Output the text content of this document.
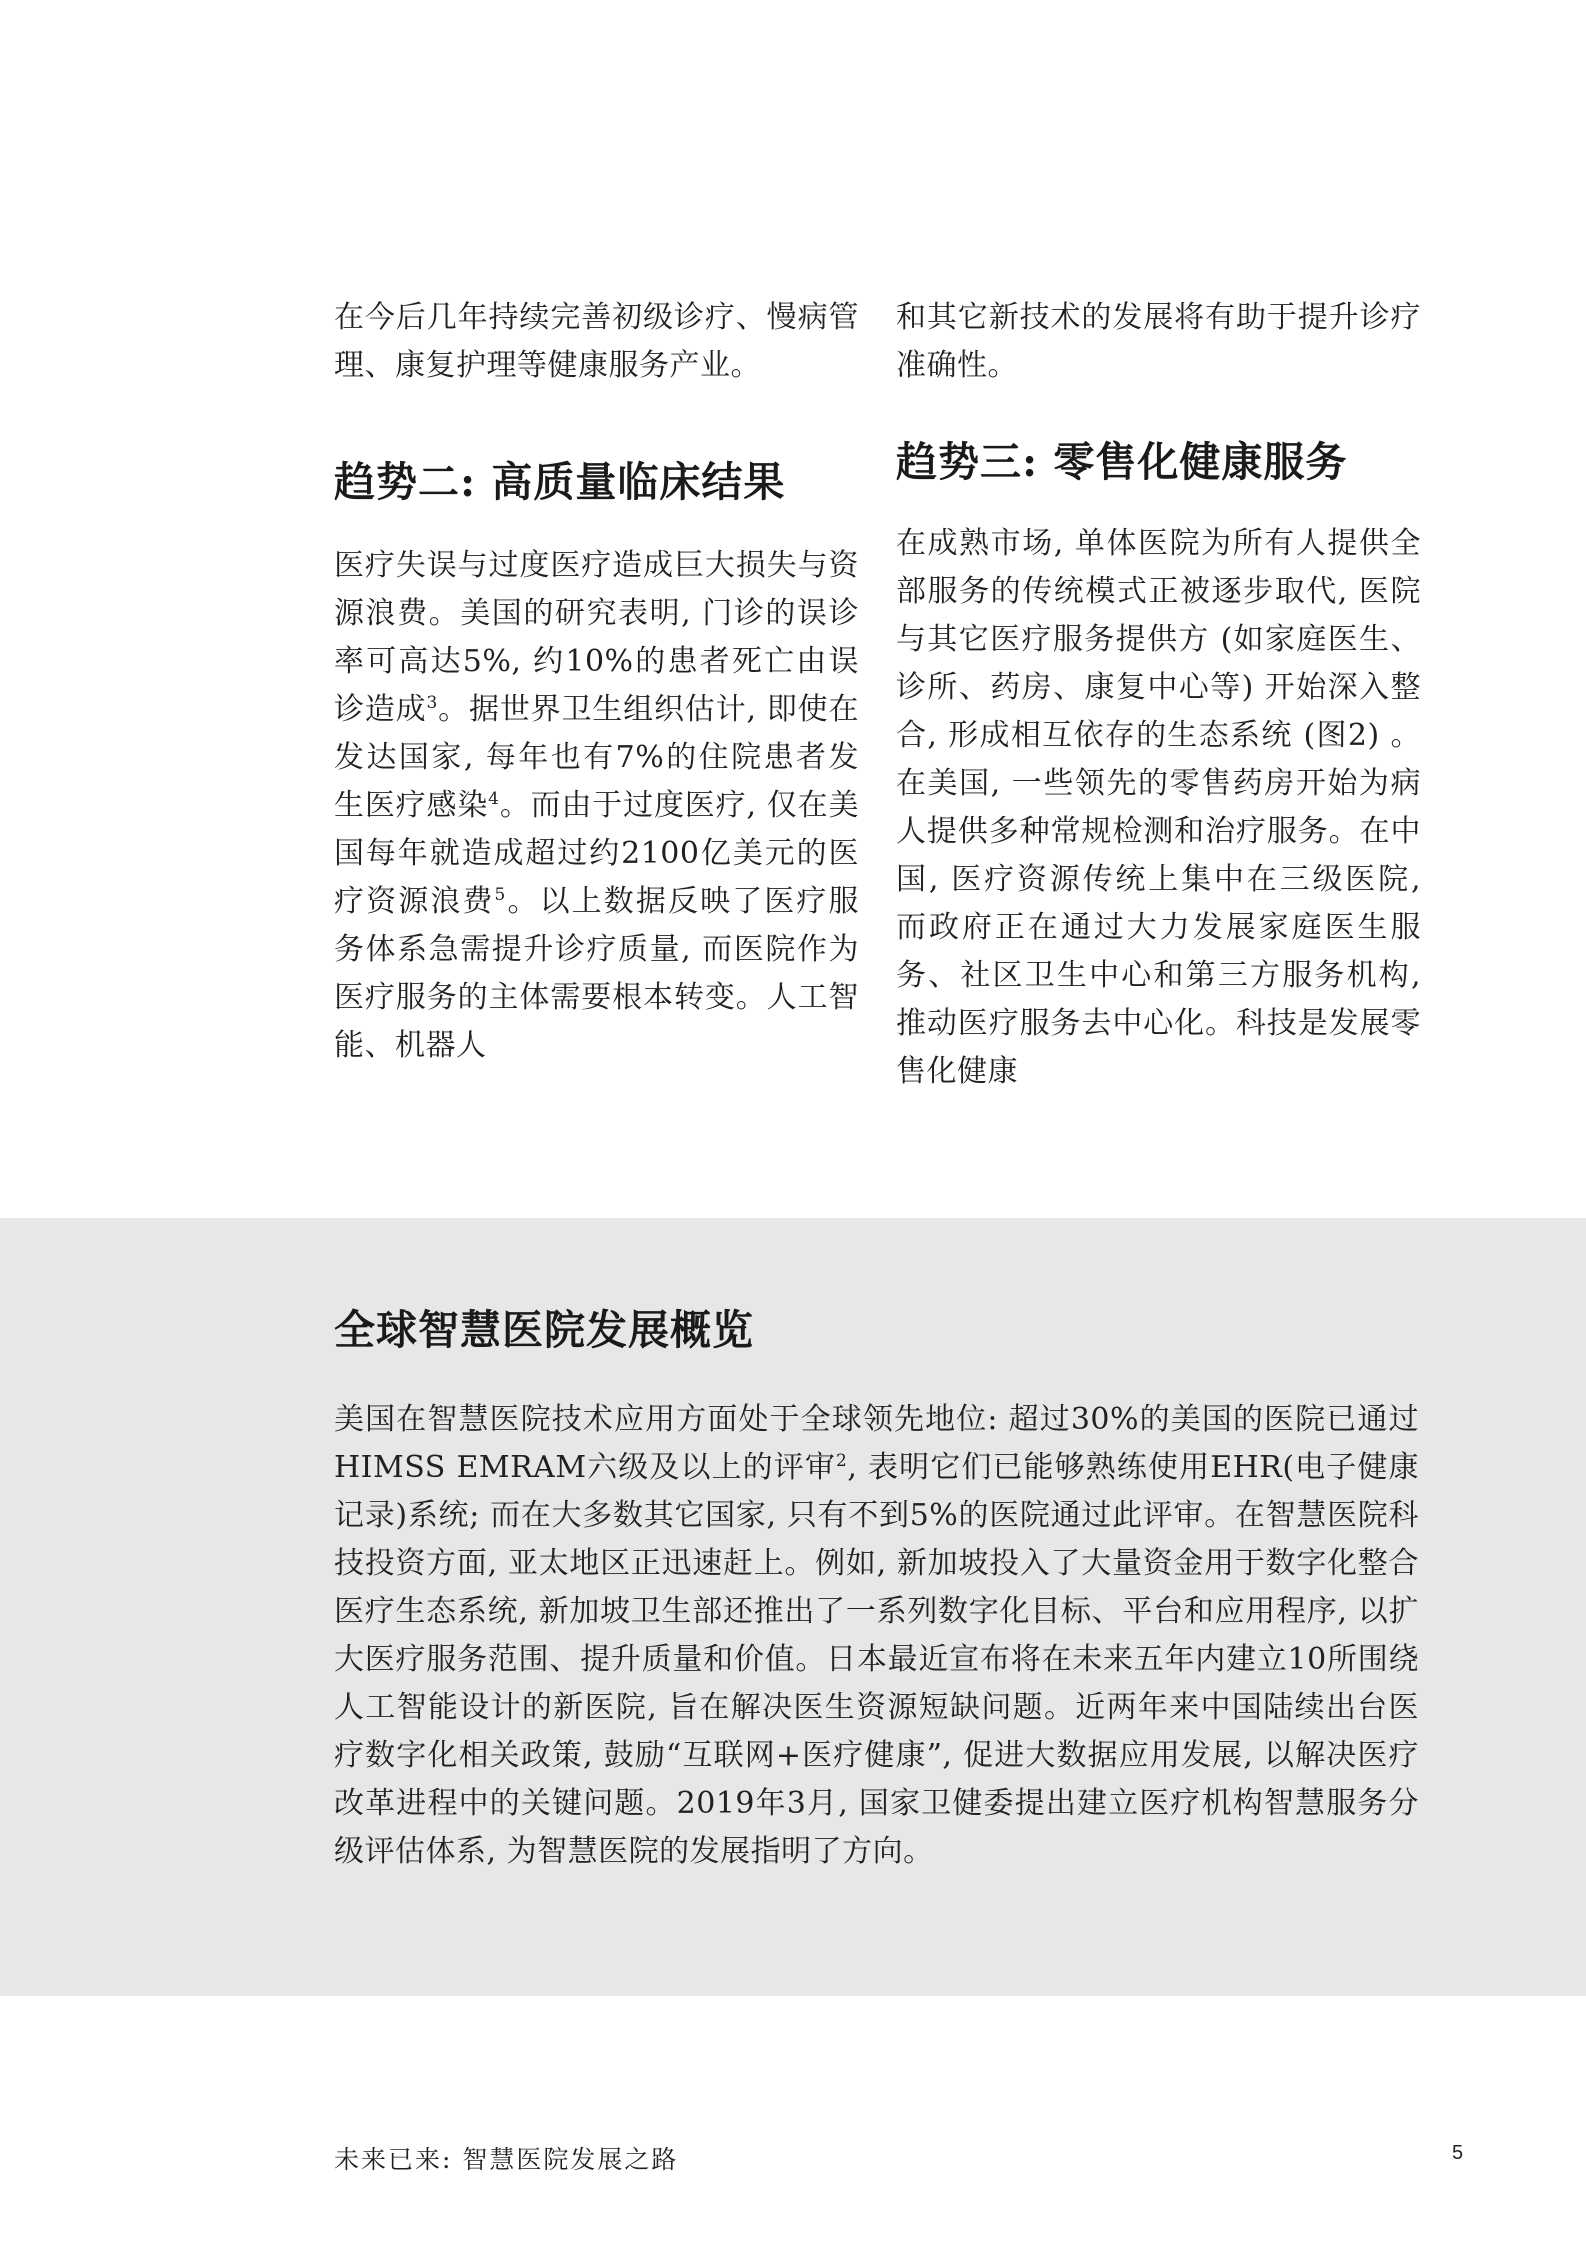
在今后几年持续完善初级诊疗、慢病管理、康复护理等健康服务产业。

趋势二: 高质量临床结果

医疗失误与过度医疗造成巨大损失与资源浪费。美国的研究表明, 门诊的误诊率可高达5%, 约10%的患者死亡由误诊造成$^3$。据世界卫生组织估计, 即使在发达国家, 每年也有7%的住院患者发生医疗感染$^4$。而由于过度医疗, 仅在美国每年就造成超过约2100亿美元的医疗资源浪费$^5$。以上数据反映了医疗服务体系急需提升诊疗质量, 而医院作为医疗服务的主体需要根本转变。人工智能、机器人

和其它新技术的发展将有助于提升诊疗准确性。

趋势三: 零售化健康服务

在成熟市场, 单体医院为所有人提供全部服务的传统模式正被逐步取代, 医院与其它医疗服务提供方 (如家庭医生、诊所、药房、康复中心等) 开始深入整合, 形成相互依存的生态系统 (图2) 。在美国, 一些领先的零售药房开始为病人提供多种常规检测和治疗服务。在中国, 医疗资源传统上集中在三级医院, 而政府正在通过大力发展家庭医生服务、社区卫生中心和第三方服务机构, 推动医疗服务去中心化。科技是发展零售化健康

全球智慧医院发展概览

美国在智慧医院技术应用方面处于全球领先地位: 超过30%的美国的医院已通过HIMSS EMRAM六级及以上的评审$^2$, 表明它们已能够熟练使用EHR(电子健康记录)系统; 而在大多数其它国家, 只有不到5%的医院通过此评审。在智慧医院科技投资方面, 亚太地区正迅速赶上。例如, 新加坡投入了大量资金用于数字化整合医疗生态系统, 新加坡卫生部还推出了一系列数字化目标、平台和应用程序, 以扩大医疗服务范围、提升质量和价值。日本最近宣布将在未来五年内建立10所围绕人工智能设计的新医院, 旨在解决医生资源短缺问题。近两年来中国陆续出台医疗数字化相关政策, 鼓励“互联网+医疗健康”, 促进大数据应用发展, 以解决医疗改革进程中的关键问题。2019年3月, 国家卫健委提出建立医疗机构智慧服务分级评估体系, 为智慧医院的发展指明了方向。

未来已来: 智慧医院发展之路	5
